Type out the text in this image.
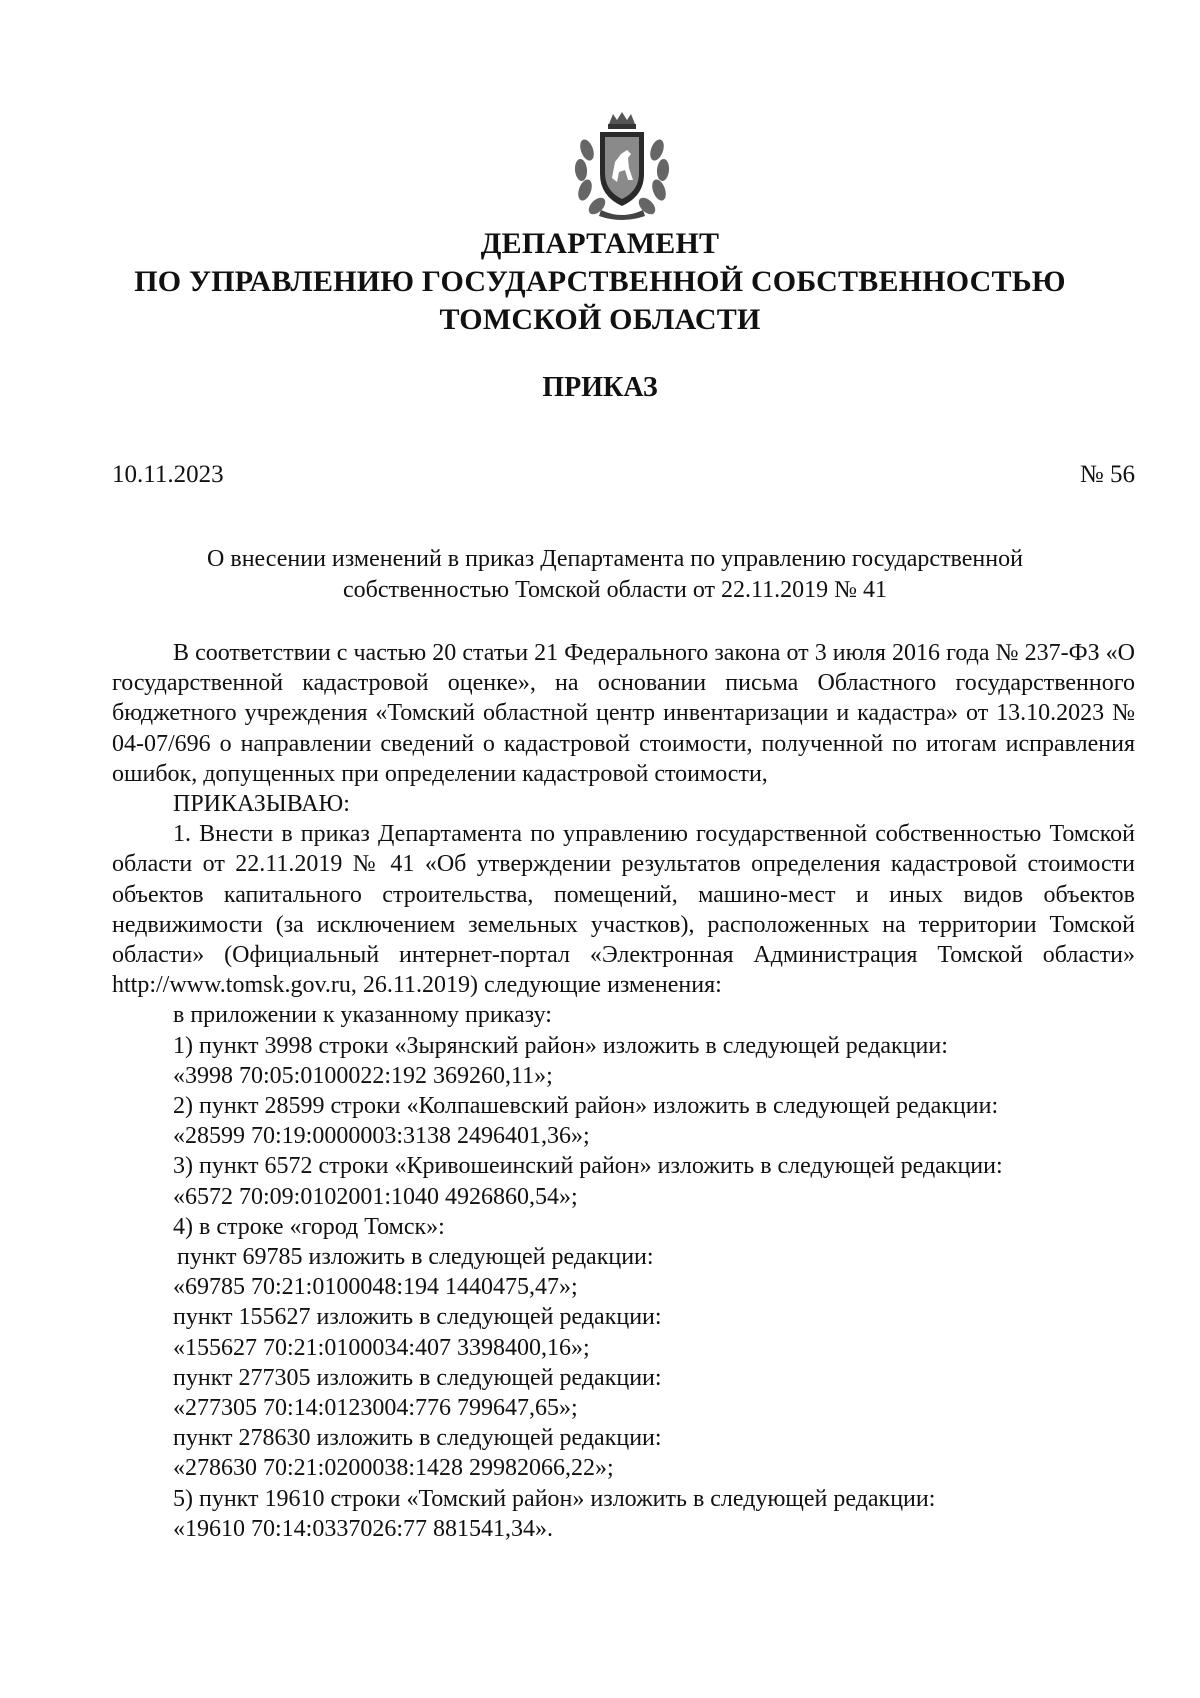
ДЕПАРТАМЕНТ
ПО УПРАВЛЕНИЮ ГОСУДАРСТВЕННОЙ СОБСТВЕННОСТЬЮ
ТОМСКОЙ ОБЛАСТИ
ПРИКАЗ
10.11.2023	№ 56
О внесении изменений в приказ Департамента по управлению государственной
собственностью Томской области от 22.11.2019 № 41

В соответствии с частью 20 статьи 21 Федерального закона от 3 июля 2016 года № 237-ФЗ «О государственной кадастровой оценке», на основании письма Областного государственного бюджетного учреждения «Томский областной центр инвентаризации и кадастра» от 13.10.2023 № 04-07/696 о направлении сведений о кадастровой стоимости, полученной по итогам исправления ошибок, допущенных при определении кадастровой стоимости,

ПРИКАЗЫВАЮ:

1. Внести в приказ Департамента по управлению государственной собственностью Томской области от 22.11.2019 № 41 «Об утверждении результатов определения кадастровой стоимости объектов капитального строительства, помещений, машино-мест и иных видов объектов недвижимости (за исключением земельных участков), расположенных на территории Томской области» (Официальный интернет-портал «Электронная Администрация Томской области» http://www.tomsk.gov.ru, 26.11.2019) следующие изменения:

в приложении к указанному приказу:

1) пункт 3998 строки «Зырянский район» изложить в следующей редакции:

«3998 70:05:0100022:192 369260,11»;

2) пункт 28599 строки «Колпашевский район» изложить в следующей редакции:

«28599 70:19:0000003:3138 2496401,36»;

3) пункт 6572 строки «Кривошеинский район» изложить в следующей редакции:

«6572 70:09:0102001:1040 4926860,54»;

4) в строке «город Томск»:

пункт 69785 изложить в следующей редакции:

«69785 70:21:0100048:194 1440475,47»;

пункт 155627 изложить в следующей редакции:

«155627 70:21:0100034:407 3398400,16»;

пункт 277305 изложить в следующей редакции:

«277305 70:14:0123004:776 799647,65»;

пункт 278630 изложить в следующей редакции:

«278630 70:21:0200038:1428 29982066,22»;

5) пункт 19610 строки «Томский район» изложить в следующей редакции:

«19610 70:14:0337026:77 881541,34».
